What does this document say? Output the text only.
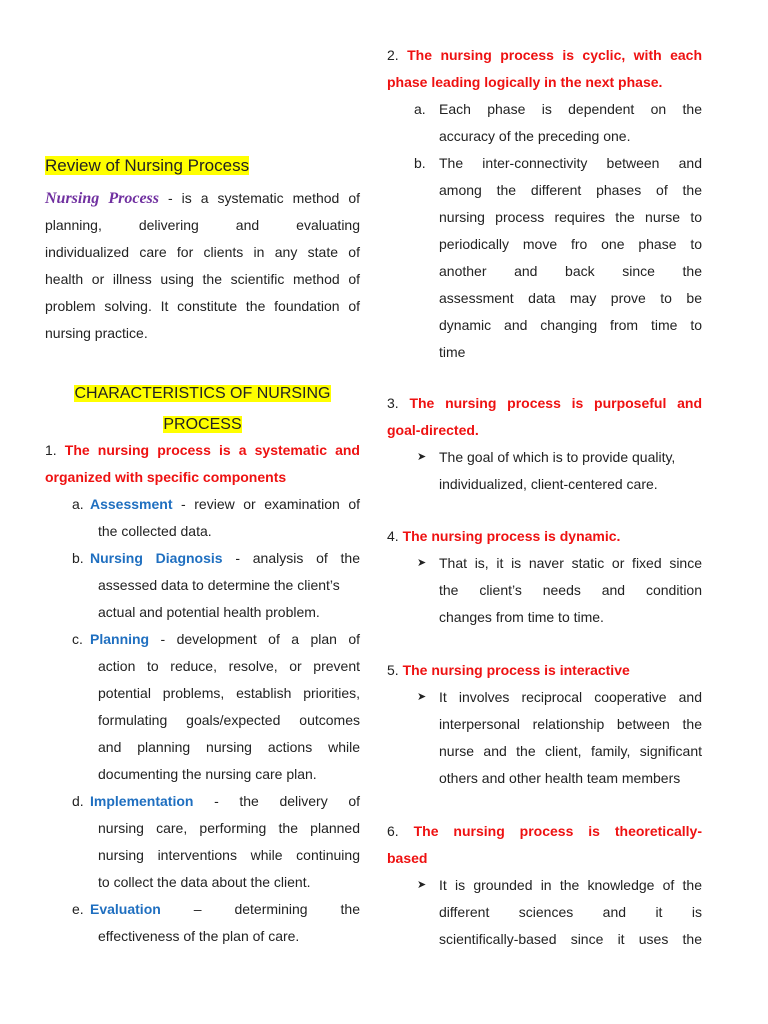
Review of Nursing Process

Nursing Process - is a systematic method of

planning, delivering and evaluating

individualized care for clients in any state of

health or illness using the scientific method of

problem solving. It constitute the foundation of

nursing practice.

CHARACTERISTICS OF NURSING

PROCESS

1. The nursing process is a systematic and

organized with specific components

a. Assessment - review or examination of

the collected data.

b. Nursing Diagnosis - analysis of the

assessed data to determine the client’s

actual and potential health problem.

c. Planning - development of a plan of

action to reduce, resolve, or prevent

potential problems, establish priorities,

formulating goals/expected outcomes

and planning nursing actions while

documenting the nursing care plan.

d. Implementation - the delivery of

nursing care, performing the planned

nursing interventions while continuing

to collect the data about the client.

e. Evaluation – determining the

effectiveness of the plan of care.

2. The nursing process is cyclic, with each

phase leading logically in the next phase.

a. Each phase is dependent on the

accuracy of the preceding one.

b. The inter-connectivity between and

among the different phases of the

nursing process requires the nurse to

periodically move fro one phase to

another and back since the

assessment data may prove to be

dynamic and changing from time to

time

3. The nursing process is purposeful and

goal-directed.

➤ The goal of which is to provide quality,

individualized, client-centered care.

4. The nursing process is dynamic.

➤ That is, it is naver static or fixed since

the client’s needs and condition

changes from time to time.

5. The nursing process is interactive

➤ It involves reciprocal cooperative and

interpersonal relationship between the

nurse and the client, family, significant

others and other health team members

6. The nursing process is theoretically-

based

➤ It is grounded in the knowledge of the

different sciences and it is

scientifically-based since it uses the
